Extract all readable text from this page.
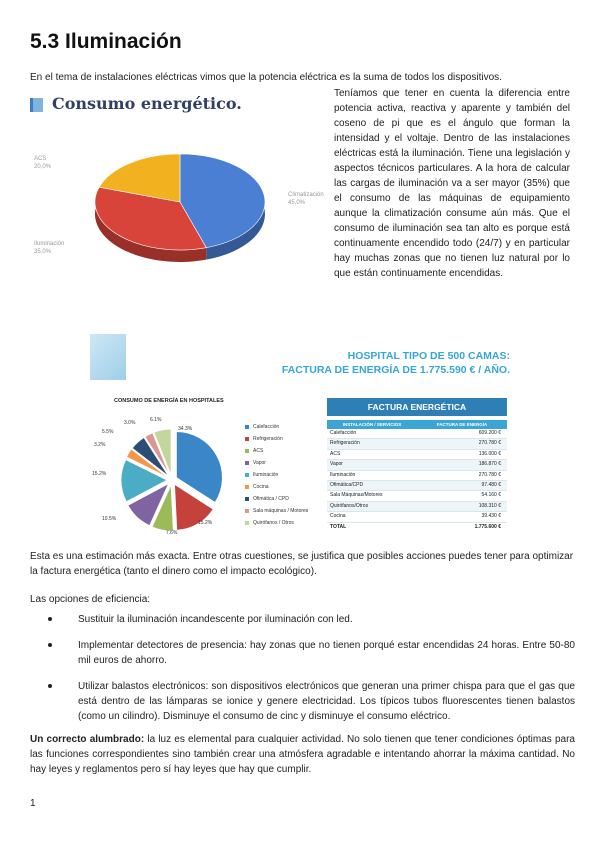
5.3 Iluminación
En el tema de instalaciones eléctricas vimos que la potencia eléctrica es la suma de todos los dispositivos.
Consumo energético.
Teníamos que tener en cuenta la diferencia entre potencia activa, reactiva y aparente y también del coseno de pi que es el ángulo que forman la intensidad y el voltaje. Dentro de las instalaciones eléctricas está la iluminación. Tiene una legislación y aspectos técnicos particulares. A la hora de calcular las cargas de iluminación va a ser mayor (35%) que el consumo de las máquinas de equipamiento aunque la climatización consume aún más. Que el consumo de iluminación sea tan alto es porque está continuamente encendido todo (24/7) y en particular hay muchas zonas que no tienen luz natural por lo que están continuamente encendidas.
ACS
20,0%
Climatización
45,0%
Iluminación
35,0%
HOSPITAL TIPO DE 500 CAMAS:
FACTURA DE ENERGÍA DE 1.775.590 € / AÑO.
CONSUMO DE ENERGÍA EN HOSPITALES
34.3%
15.2%
7.6%
10.5%
15.2%
3.2%
5.5%
3.0%	6.1%
Calefacción
Refrigeración
ACS
Vapor
Iluminación
Cocina
Ofimática / CPD
Sala máquinas / Motores
Quirófanos / Otros
FACTURA ENERGÉTICA
INSTALACIÓN / SERVICIOS	FACTURA DE ENERGÍA
Calefacción	609.200 €
Refrigeración	270.780 €
ACS	136.000 €
Vapor	186.870 €
Iluminación	270.780 €
Ofimática/CPD	97.480 €
Sala Máquinas/Motores	54.160 €
Quirófanos/Otros	108.310 €
Cocina	39.430 €
TOTAL	1.775.600 €
Esta es una estimación más exacta. Entre otras cuestiones, se justifica que posibles acciones puedes tener para optimizar la factura energética (tanto el dinero como el impacto ecológico).
Las opciones de eficiencia:
Sustituir la iluminación incandescente por iluminación con led.
Implementar detectores de presencia: hay zonas que no tienen porqué estar encendidas 24 horas. Entre 50-80 mil euros de ahorro.
Utilizar balastos electrónicos: son dispositivos electrónicos que generan una primer chispa para que el gas que está dentro de las lámparas se ionice y genere electricidad. Los típicos tubos fluorescentes tienen balastos (como un cilindro). Disminuye el consumo de cinc y disminuye el consumo eléctrico.
Un correcto alumbrado: la luz es elemental para cualquier actividad. No solo tienen que tener condiciones óptimas para las funciones correspondientes sino también crear una atmósfera agradable e intentando ahorrar la máxima cantidad. No hay leyes y reglamentos pero sí hay leyes que hay que cumplir.
1
